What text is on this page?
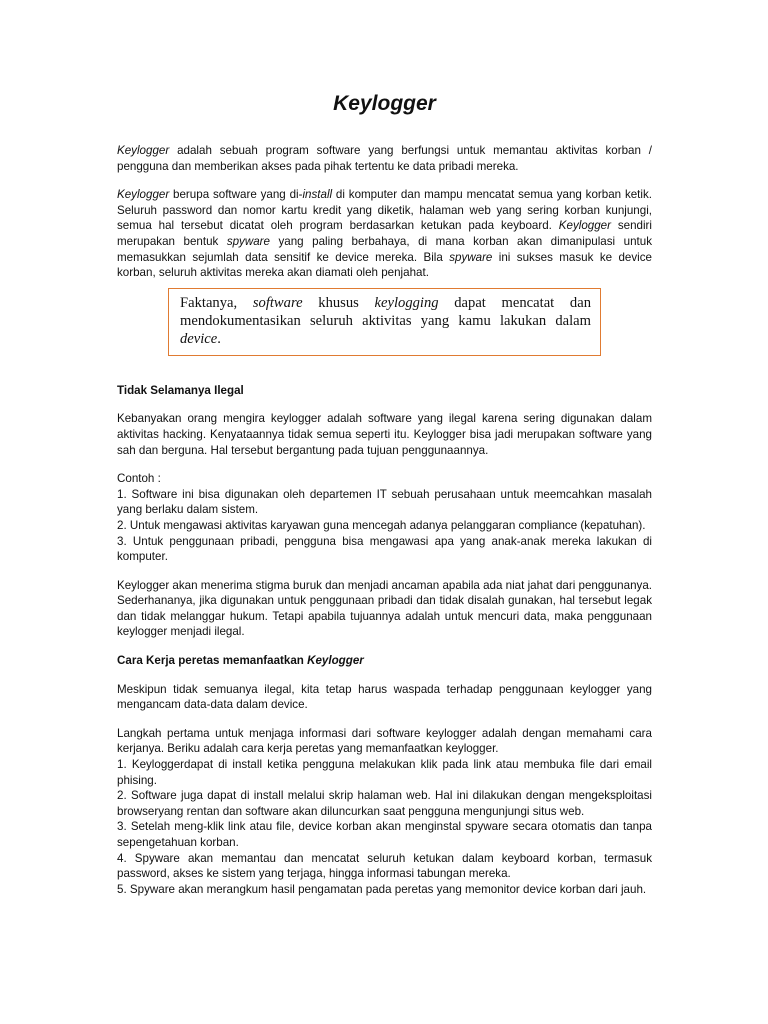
Keylogger

Keylogger adalah sebuah program software yang berfungsi untuk memantau aktivitas korban / pengguna dan memberikan akses pada pihak tertentu ke data pribadi mereka.

Keylogger berupa software yang di-install di komputer dan mampu mencatat semua yang korban ketik. Seluruh password dan nomor kartu kredit yang diketik, halaman web yang sering korban kunjungi, semua hal tersebut dicatat oleh program berdasarkan ketukan pada keyboard. Keylogger sendiri merupakan bentuk spyware yang paling berbahaya, di mana korban akan dimanipulasi untuk memasukkan sejumlah data sensitif ke device mereka. Bila spyware ini sukses masuk ke device korban, seluruh aktivitas mereka akan diamati oleh penjahat.

Faktanya, software khusus keylogging dapat mencatat dan mendokumentasikan seluruh aktivitas yang kamu lakukan dalam device.

Tidak Selamanya Ilegal

Kebanyakan orang mengira keylogger adalah software yang ilegal karena sering digunakan dalam aktivitas hacking. Kenyataannya tidak semua seperti itu. Keylogger bisa jadi merupakan software yang sah dan berguna. Hal tersebut bergantung pada tujuan penggunaannya.

Contoh :

1. Software ini bisa digunakan oleh departemen IT sebuah perusahaan untuk meemcahkan masalah yang berlaku dalam sistem.

2. Untuk mengawasi aktivitas karyawan guna mencegah adanya pelanggaran compliance (kepatuhan).

3. Untuk penggunaan pribadi, pengguna bisa mengawasi apa yang anak-anak mereka lakukan di komputer.

Keylogger akan menerima stigma buruk dan menjadi ancaman apabila ada niat jahat dari penggunanya. Sederhananya, jika digunakan untuk penggunaan pribadi dan tidak disalah gunakan, hal tersebut legak dan tidak melanggar hukum. Tetapi apabila tujuannya adalah untuk mencuri data, maka penggunaan keylogger menjadi ilegal.

Cara Kerja peretas memanfaatkan Keylogger

Meskipun tidak semuanya ilegal, kita tetap harus waspada terhadap penggunaan keylogger yang mengancam data-data dalam device.

Langkah pertama untuk menjaga informasi dari software keylogger adalah dengan memahami cara kerjanya. Beriku adalah cara kerja peretas yang memanfaatkan keylogger.

1. Keyloggerdapat di install ketika pengguna melakukan klik pada link atau membuka file dari email phising.

2. Software juga dapat di install melalui skrip halaman web. Hal ini dilakukan dengan mengeksploitasi browseryang rentan dan software akan diluncurkan saat pengguna mengunjungi situs web.

3. Setelah meng-klik link atau file, device korban akan menginstal spyware secara otomatis dan tanpa sepengetahuan korban.

4. Spyware akan memantau dan mencatat seluruh ketukan dalam keyboard korban, termasuk password, akses ke sistem yang terjaga, hingga informasi tabungan mereka.

5. Spyware akan merangkum hasil pengamatan pada peretas yang memonitor device korban dari jauh.
